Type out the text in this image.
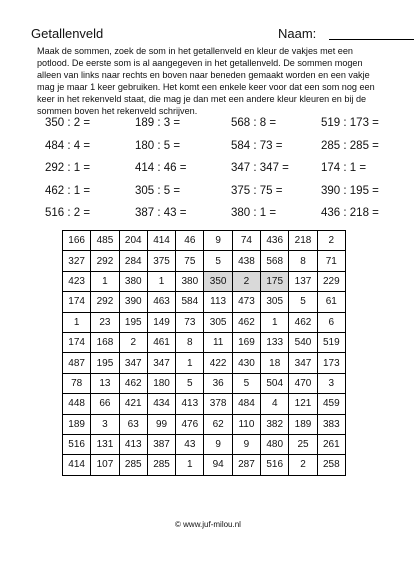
Getallenveld	Naam:
Maak de sommen, zoek de som in het getallenveld en kleur de vakjes met een potlood. De eerste som is al aangegeven in het getallenveld. De sommen mogen alleen van links naar rechts en boven naar beneden gemaakt worden en een vakje mag je maar 1 keer gebruiken. Het komt een enkele keer voor dat een som nog een keer in het rekenveld staat, die mag je dan met een andere kleur kleuren en bij de sommen boven het rekenveld schrijven.
350 : 2 =	189 : 3 =	568 : 8 =	519 : 173 =
484 : 4 =	180 : 5 =	584 : 73 =	285 : 285 =
292 : 1 =	414 : 46 =	347 : 347 =	174 : 1 =
462 : 1 =	305 : 5 =	375 : 75 =	390 : 195 =
516 : 2 =	387 : 43 =	380 : 1 =	436 : 218 =
166	485	204	414	46	9	74	436	218	2
327	292	284	375	75	5	438	568	8	71
423	1	380	1	380	350	2	175	137	229
174	292	390	463	584	113	473	305	5	61
1	23	195	149	73	305	462	1	462	6
174	168	2	461	8	11	169	133	540	519
487	195	347	347	1	422	430	18	347	173
78	13	462	180	5	36	5	504	470	3
448	66	421	434	413	378	484	4	121	459
189	3	63	99	476	62	110	382	189	383
516	131	413	387	43	9	9	480	25	261
414	107	285	285	1	94	287	516	2	258
© www.juf-milou.nl
